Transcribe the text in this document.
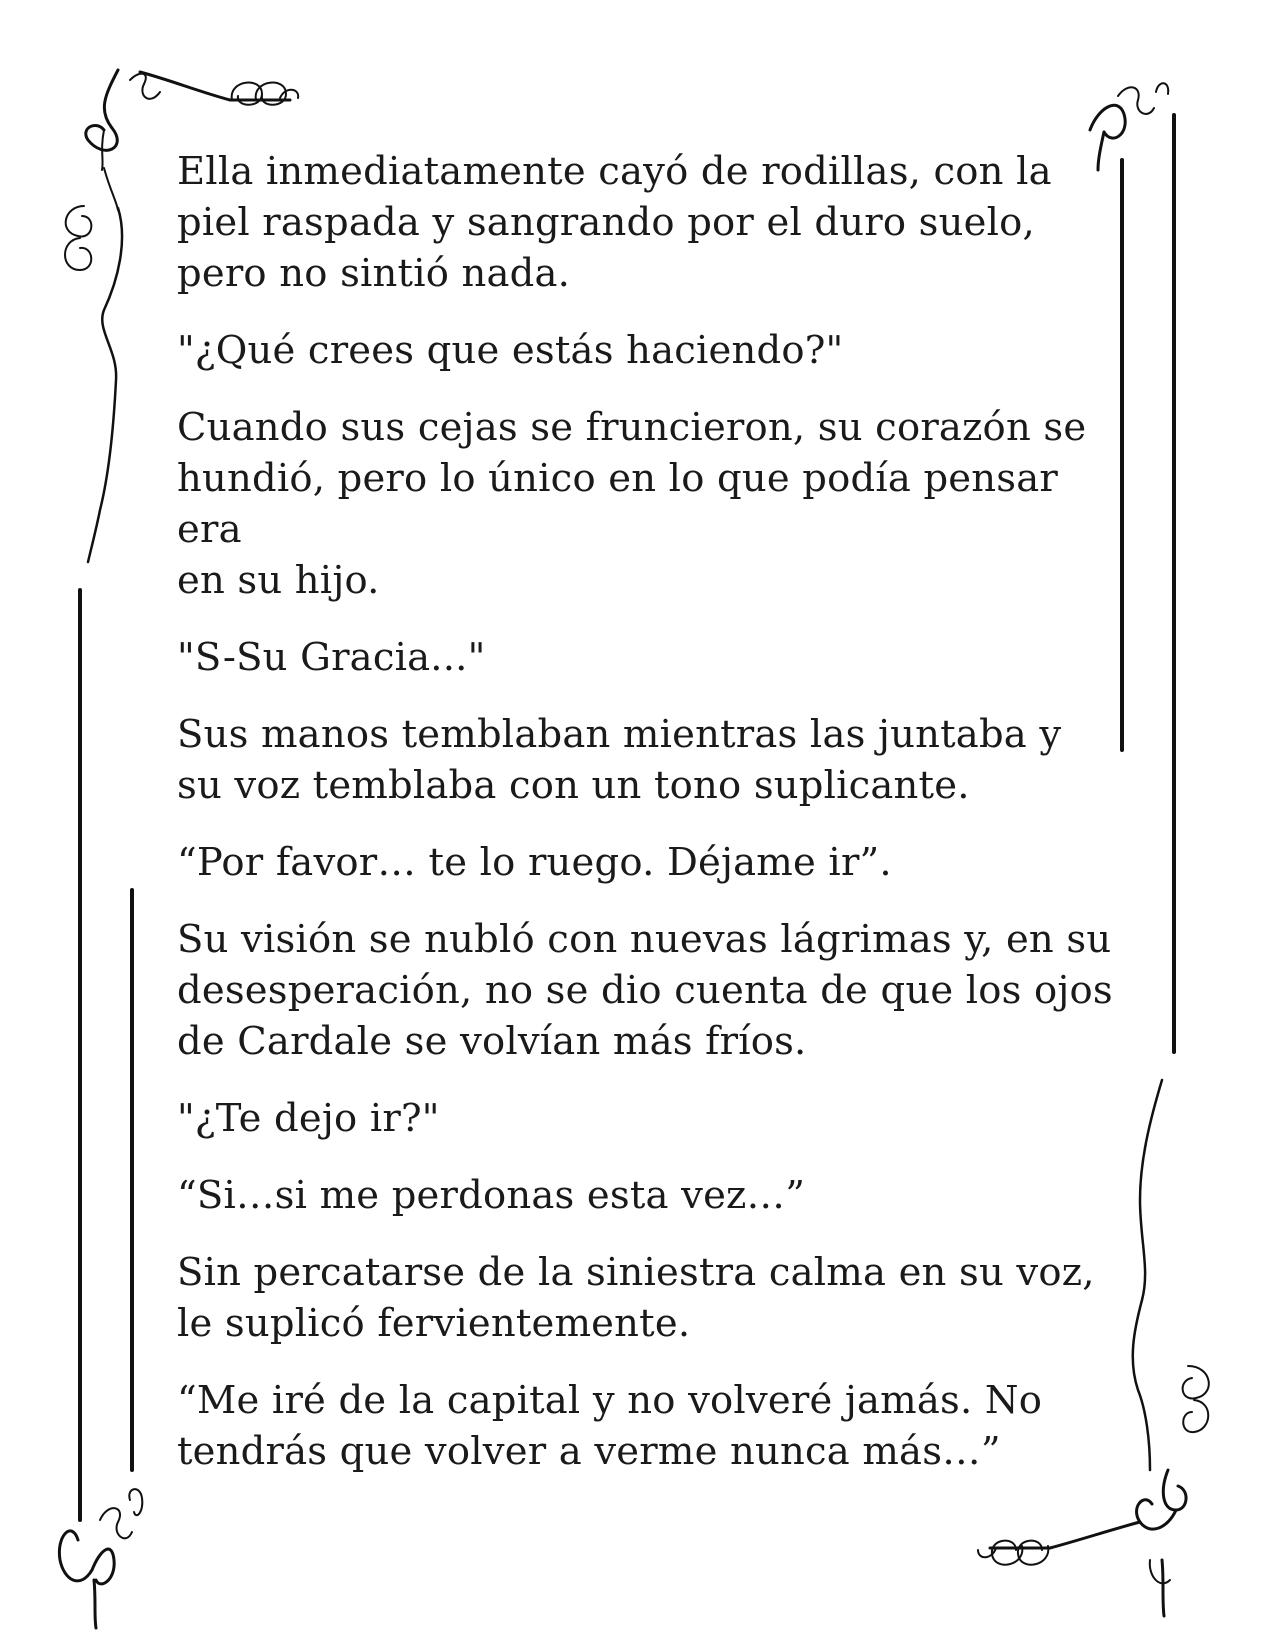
Ella inmediatamente cayó de rodillas, con la
piel raspada y sangrando por el duro suelo,
pero no sintió nada.

"¿Qué crees que estás haciendo?"

Cuando sus cejas se fruncieron, su corazón se
hundió, pero lo único en lo que podía pensar era
en su hijo.

"S-Su Gracia..."

Sus manos temblaban mientras las juntaba y
su voz temblaba con un tono suplicante.

“Por favor… te lo ruego. Déjame ir”.

Su visión se nubló con nuevas lágrimas y, en su
desesperación, no se dio cuenta de que los ojos
de Cardale se volvían más fríos.

"¿Te dejo ir?"

“Si…si me perdonas esta vez…”

Sin percatarse de la siniestra calma en su voz,
le suplicó fervientemente.

“Me iré de la capital y no volveré jamás. No
tendrás que volver a verme nunca más…”
